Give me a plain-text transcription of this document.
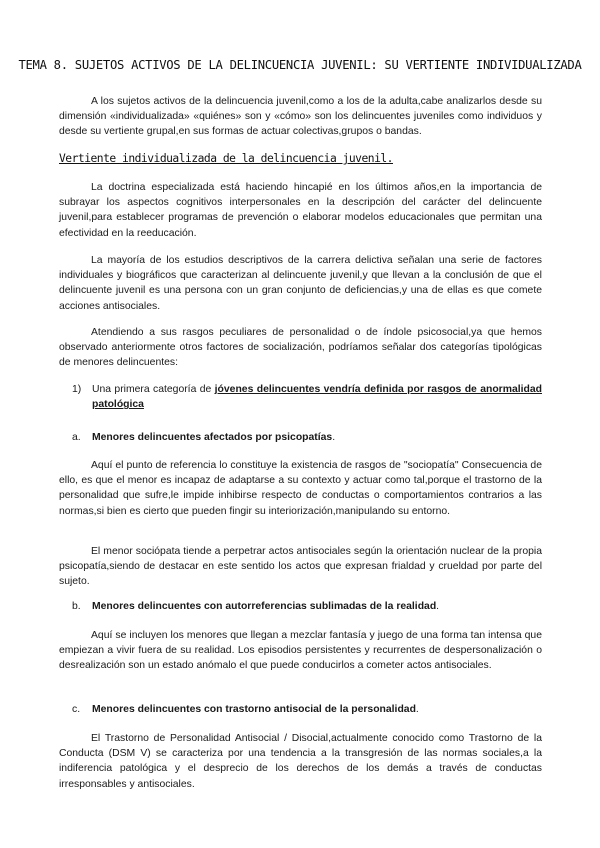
TEMA 8. SUJETOS ACTIVOS DE LA DELINCUENCIA JUVENIL: SU VERTIENTE INDIVIDUALIZADA

A los sujetos activos de la delincuencia juvenil,como a los de la adulta,cabe analizarlos desde su dimensión «individualizada» «quiénes» son y «cómo» son los delincuentes juveniles como individuos y desde su vertiente grupal,en sus formas de actuar colectivas,grupos o bandas.

Vertiente individualizada de la delincuencia juvenil.

La doctrina especializada está haciendo hincapié en los últimos años,en la importancia de subrayar los aspectos cognitivos interpersonales en la descripción del carácter del delincuente juvenil,para establecer programas de prevención o elaborar modelos educacionales que permitan una efectividad en la reeducación.

La mayoría de los estudios descriptivos de la carrera delictiva señalan una serie de factores individuales y biográficos que caracterizan al delincuente juvenil,y que llevan a la conclusión de que el delincuente juvenil es una persona con un gran conjunto de deficiencias,y una de ellas es que comete acciones antisociales.

Atendiendo a sus rasgos peculiares de personalidad o de índole psicosocial,ya que hemos observado anteriormente otros factores de socialización, podríamos señalar dos categorías tipológicas de menores delincuentes:

1)	Una primera categoría de jóvenes delincuentes vendría definida por rasgos de anormalidad patológica

a. Menores delincuentes afectados por psicopatías.

Aquí el punto de referencia lo constituye la existencia de rasgos de "sociopatía" Consecuencia de ello, es que el menor es incapaz de adaptarse a su contexto y actuar como tal,porque el trastorno de la personalidad que sufre,le impide inhibirse respecto de conductas o comportamientos contrarios a las normas,si bien es cierto que pueden fingir su interiorización,manipulando su entorno.

El menor sociópata tiende a perpetrar actos antisociales según la orientación nuclear de la propia psicopatía,siendo de destacar en este sentido los actos que expresan frialdad y crueldad por parte del sujeto.

b. Menores delincuentes con autorreferencias sublimadas de la realidad.

Aquí se incluyen los menores que llegan a mezclar fantasía y juego de una forma tan intensa que empiezan a vivir fuera de su realidad. Los episodios persistentes y recurrentes de despersonalización o desrealización son un estado anómalo el que puede conducirlos a cometer actos antisociales.

c. Menores delincuentes con trastorno antisocial de la personalidad.

El Trastorno de Personalidad Antisocial / Disocial,actualmente conocido como Trastorno de la Conducta (DSM V) se caracteriza por una tendencia a la transgresión de las normas sociales,a la indiferencia patológica y el desprecio de los derechos de los demás a través de conductas irresponsables y antisociales.
